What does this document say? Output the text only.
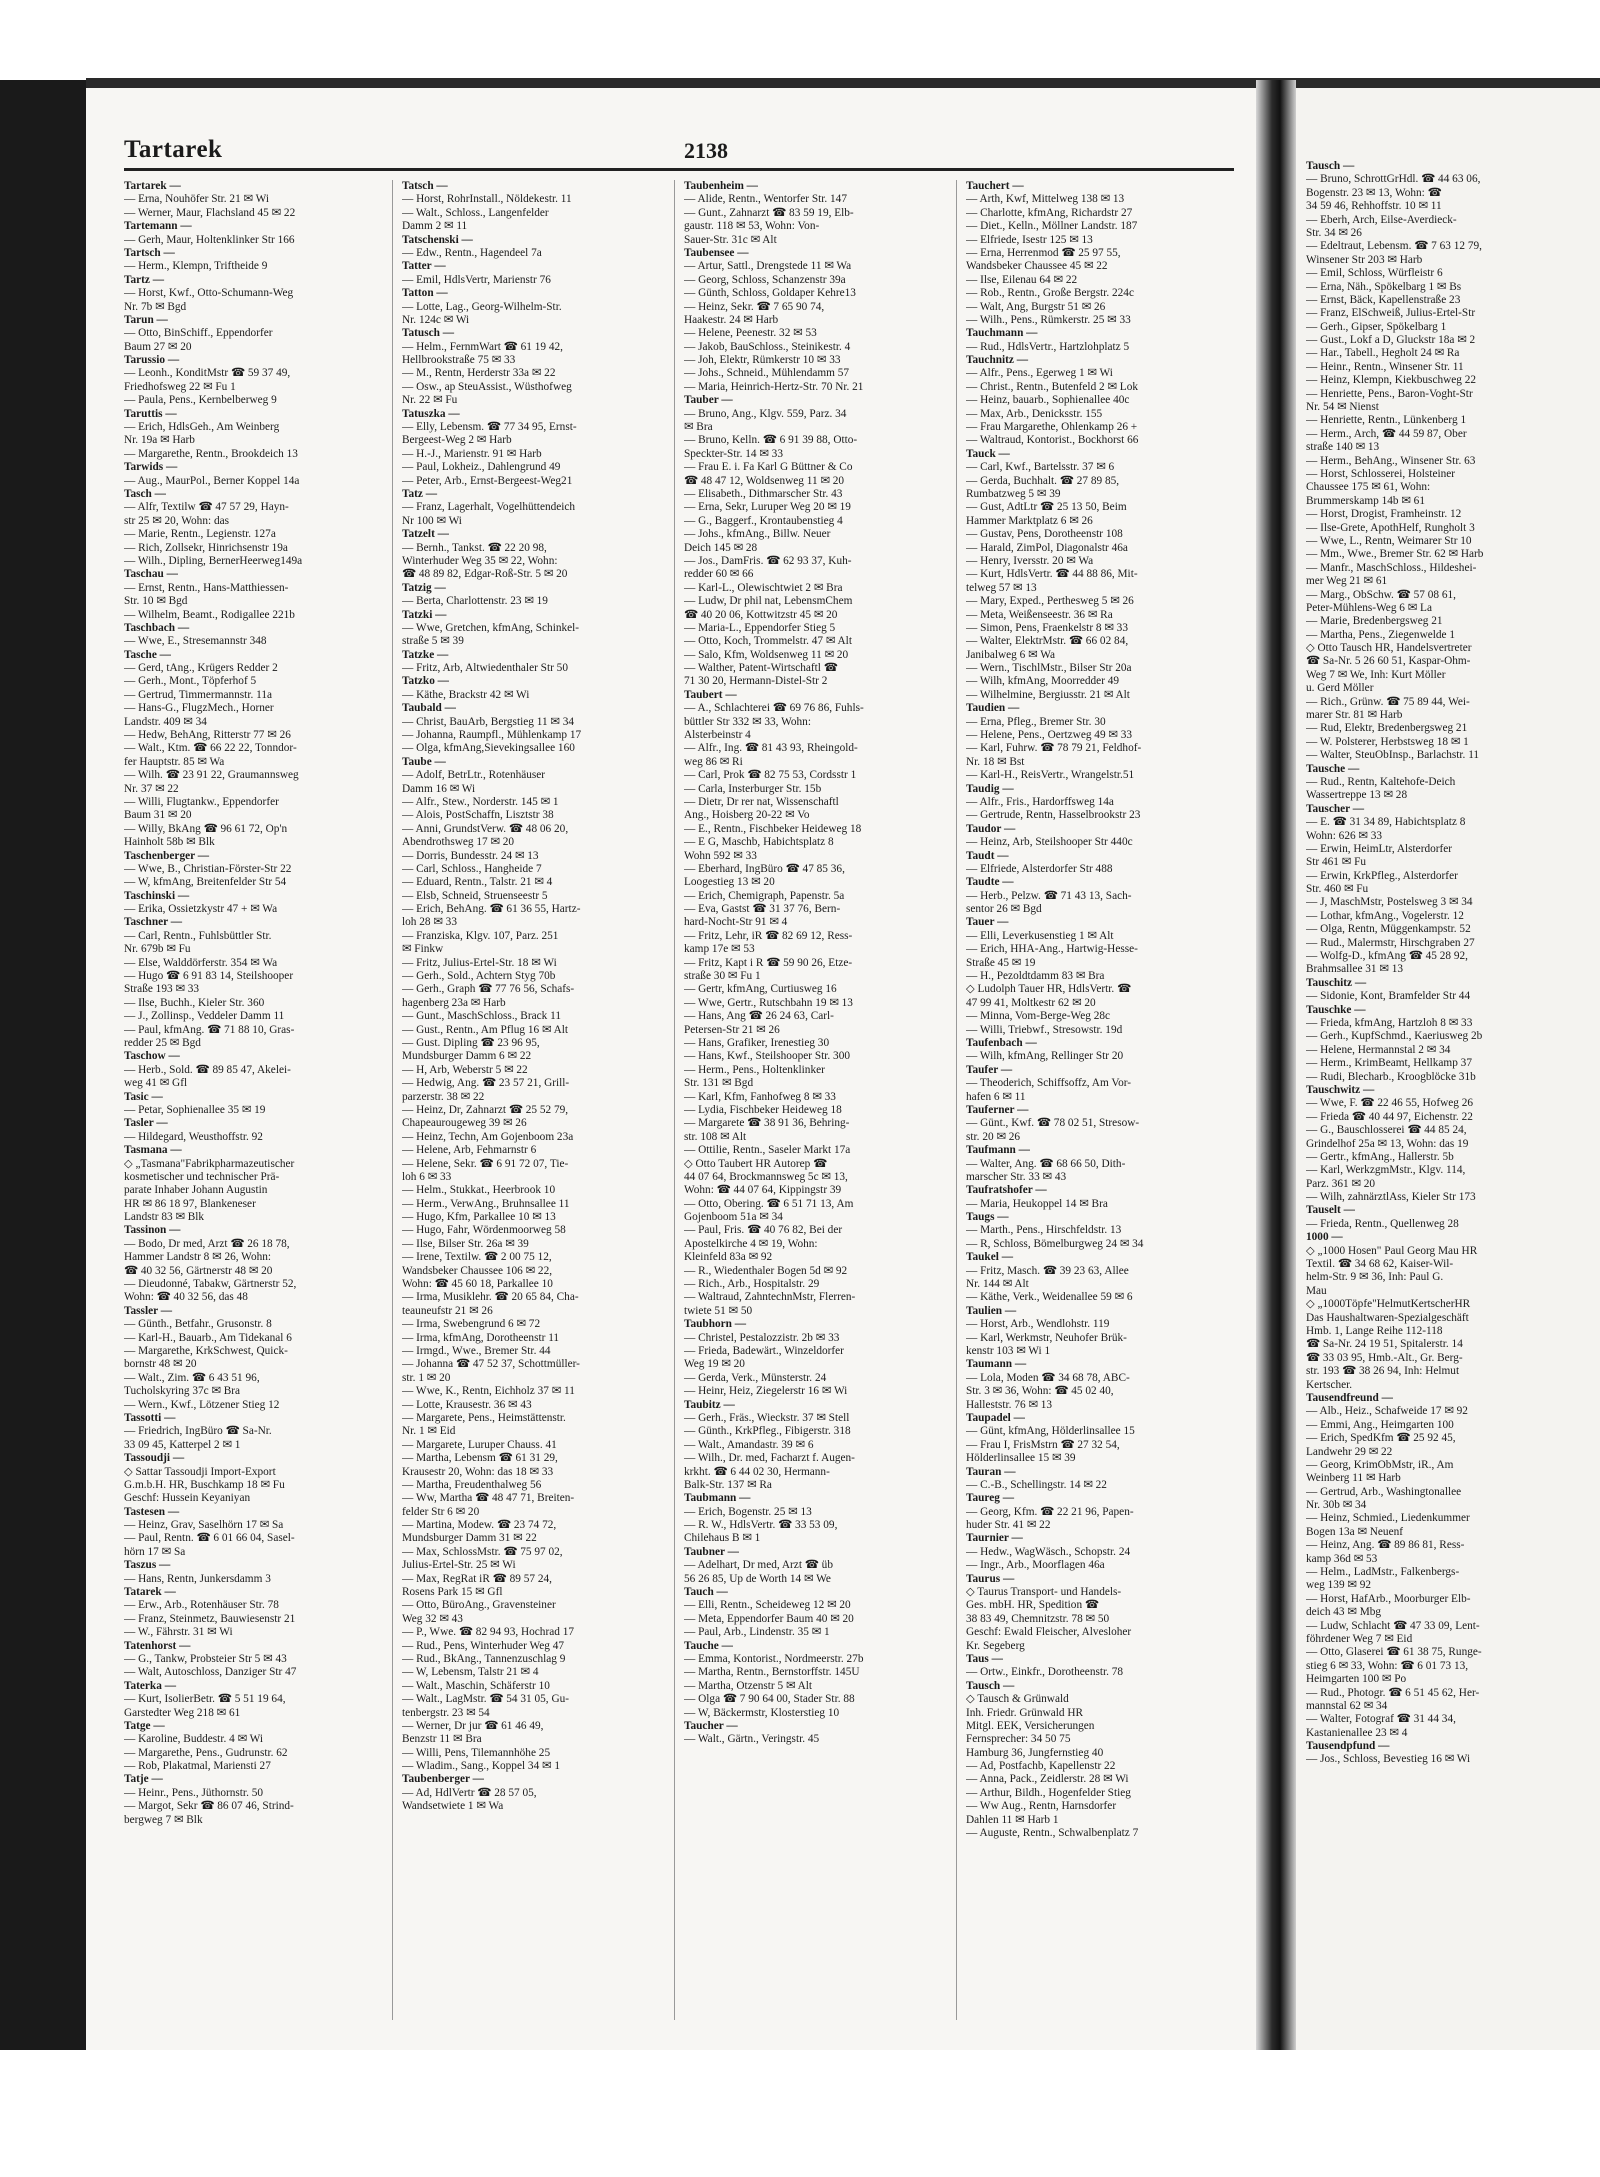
Tartarek	2138
Tartarek —
— Erna, Nouhöfer Str. 21 ✉ Wi
— Werner, Maur, Flachsland 45 ✉ 22
Tartemann —
— Gerh, Maur, Holtenklinker Str 166
Tartsch —
— Herm., Klempn, Triftheide 9
Tartz —
— Horst, Kwf., Otto-Schumann-Weg
Nr. 7b ✉ Bgd
Tarun —
— Otto, BinSchiff., Eppendorfer
Baum 27 ✉ 20
Tarussio —
— Leonh., KonditMstr ☎ 59 37 49,
Friedhofsweg 22 ✉ Fu 1
— Paula, Pens., Kernbelberweg 9
Taruttis —
— Erich, HdlsGeh., Am Weinberg
Nr. 19a ✉ Harb
— Margarethe, Rentn., Brookdeich 13
Tarwids —
— Aug., MaurPol., Berner Koppel 14a
Tasch —
— Alfr, Textilw ☎ 47 57 29, Hayn-
str 25 ✉ 20, Wohn: das
— Marie, Rentn., Legienstr. 127a
— Rich, Zollsekr, Hinrichsenstr 19a
— Wilh., Dipling, BernerHeerweg149a
Taschau —
— Ernst, Rentn., Hans-Matthiessen-
Str. 10 ✉ Bgd
— Wilhelm, Beamt., Rodigallee 221b
Taschbach —
— Wwe, E., Stresemannstr 348
Tasche —
— Gerd, tAng., Krügers Redder 2
— Gerh., Mont., Töpferhof 5
— Gertrud, Timmermannstr. 11a
— Hans-G., FlugzMech., Horner
Landstr. 409 ✉ 34
— Hedw, BehAng, Ritterstr 77 ✉ 26
— Walt., Ktm. ☎ 66 22 22, Tonndor-
fer Hauptstr. 85 ✉ Wa
— Wilh. ☎ 23 91 22, Graumannsweg
Nr. 37 ✉ 22
— Willi, Flugtankw., Eppendorfer
Baum 31 ✉ 20
— Willy, BkAng ☎ 96 61 72, Op'n
Hainholt 58b ✉ Blk
Taschenberger —
— Wwe, B., Christian-Förster-Str 22
— W, kfmAng, Breitenfelder Str 54
Taschinski —
— Erika, Ossietzkystr 47 + ✉ Wa
Taschner —
— Carl, Rentn., Fuhlsbüttler Str.
Nr. 679b ✉ Fu
— Else, Walddörferstr. 354 ✉ Wa
— Hugo ☎ 6 91 83 14, Steilshooper
Straße 193 ✉ 33
— Ilse, Buchh., Kieler Str. 360
— J., Zollinsp., Veddeler Damm 11
— Paul, kfmAng. ☎ 71 88 10, Gras-
redder 25 ✉ Bgd
Taschow —
— Herb., Sold. ☎ 89 85 47, Akelei-
weg 41 ✉ Gfl
Tasic —
— Petar, Sophienallee 35 ✉ 19
Tasler —
— Hildegard, Weusthoffstr. 92
Tasmana —
◇ „Tasmana"Fabrikpharmazeutischer
kosmetischer und technischer Prä-
parate Inhaber Johann Augustin
HR ✉ 86 18 97, Blankeneser
Landstr 83 ✉ Blk
Tassinon —
— Bodo, Dr med, Arzt ☎ 26 18 78,
Hammer Landstr 8 ✉ 26, Wohn:
☎ 40 32 56, Gärtnerstr 48 ✉ 20
— Dieudonné, Tabakw, Gärtnerstr 52,
Wohn: ☎ 40 32 56, das 48
Tassler —
— Günth., Betfahr., Grusonstr. 8
— Karl-H., Bauarb., Am Tidekanal 6
— Margarethe, KrkSchwest, Quick-
bornstr 48 ✉ 20
— Walt., Zim. ☎ 6 43 51 96,
Tucholskyring 37c ✉ Bra
— Wern., Kwf., Lötzener Stieg 12
Tassotti —
— Friedrich, IngBüro ☎ Sa-Nr.
33 09 45, Katterpel 2 ✉ 1
Tassoudji —
◇ Sattar Tassoudji Import-Export
G.m.b.H. HR, Buschkamp 18 ✉ Fu
Geschf: Hussein Keyaniyan
Tastesen —
— Heinz, Grav, Saselhörn 17 ✉ Sa
— Paul, Rentn. ☎ 6 01 66 04, Sasel-
hörn 17 ✉ Sa
Taszus —
— Hans, Rentn, Junkersdamm 3
Tatarek —
— Erw., Arb., Rotenhäuser Str. 78
— Franz, Steinmetz, Bauwiesenstr 21
— W., Fährstr. 31 ✉ Wi
Tatenhorst —
— G., Tankw, Probsteier Str 5 ✉ 43
— Walt, Autoschloss, Danziger Str 47
Taterka —
— Kurt, IsolierBetr. ☎ 5 51 19 64,
Garstedter Weg 218 ✉ 61
Tatge —
— Karoline, Buddestr. 4 ✉ Wi
— Margarethe, Pens., Gudrunstr. 62
— Rob, Plakatmal, Mariensti 27
Tatje —
— Heinr., Pens., Jüthornstr. 50
— Margot, Sekr ☎ 86 07 46, Strind-
bergweg 7 ✉ Blk
Tatsch —
— Horst, RohrInstall., Nöldekestr. 11
— Walt., Schloss., Langenfelder
Damm 2 ✉ 11
Tatschenski —
— Edw., Rentn., Hagendeel 7a
Tatter —
— Emil, HdlsVertr, Marienstr 76
Tatton —
— Lotte, Lag., Georg-Wilhelm-Str.
Nr. 124c ✉ Wi
Tatusch —
— Helm., FernmWart ☎ 61 19 42,
Hellbrookstraße 75 ✉ 33
— M., Rentn, Herderstr 33a ✉ 22
— Osw., ap SteuAssist., Wüsthofweg
Nr. 22 ✉ Fu
Tatuszka —
— Elly, Lebensm. ☎ 77 34 95, Ernst-
Bergeest-Weg 2 ✉ Harb
— H.-J., Marienstr. 91 ✉ Harb
— Paul, Lokheiz., Dahlengrund 49
— Peter, Arb., Ernst-Bergeest-Weg21
Tatz —
— Franz, Lagerhalt, Vogelhüttendeich
Nr 100 ✉ Wi
Tatzelt —
— Bernh., Tankst. ☎ 22 20 98,
Winterhuder Weg 35 ✉ 22, Wohn:
☎ 48 89 82, Edgar-Roß-Str. 5 ✉ 20
Tatzig —
— Berta, Charlottenstr. 23 ✉ 19
Tatzki —
— Wwe, Gretchen, kfmAng, Schinkel-
straße 5 ✉ 39
Tatzke —
— Fritz, Arb, Altwiedenthaler Str 50
Tatzko —
— Käthe, Brackstr 42 ✉ Wi
Taubald —
— Christ, BauArb, Bergstieg 11 ✉ 34
— Johanna, Raumpfl., Mühlenkamp 17
— Olga, kfmAng,Sievekingsallee 160
Taube —
— Adolf, BetrLtr., Rotenhäuser
Damm 16 ✉ Wi
— Alfr., Stew., Norderstr. 145 ✉ 1
— Alois, PostSchaffn, Lisztstr 38
— Anni, GrundstVerw. ☎ 48 06 20,
Abendrothsweg 17 ✉ 20
— Dorris, Bundesstr. 24 ✉ 13
— Carl, Schloss., Hangheide 7
— Eduard, Rentn., Talstr. 21 ✉ 4
— Elsb, Schneid, Struenseestr 5
— Erich, BehAng. ☎ 61 36 55, Hartz-
loh 28 ✉ 33
— Franziska, Klgv. 107, Parz. 251
✉ Finkw
— Fritz, Julius-Ertel-Str. 18 ✉ Wi
— Gerh., Sold., Achtern Styg 70b
— Gerh., Graph ☎ 77 76 56, Schafs-
hagenberg 23a ✉ Harb
— Gunt., MaschSchloss., Brack 11
— Gust., Rentn., Am Pflug 16 ✉ Alt
— Gust. Dipling ☎ 23 96 95,
Mundsburger Damm 6 ✉ 22
— H, Arb, Weberstr 5 ✉ 22
— Hedwig, Ang. ☎ 23 57 21, Grill-
parzerstr. 38 ✉ 22
— Heinz, Dr, Zahnarzt ☎ 25 52 79,
Chapeaurougeweg 39 ✉ 26
— Heinz, Techn, Am Gojenboom 23a
— Helene, Arb, Fehmarnstr 6
— Helene, Sekr. ☎ 6 91 72 07, Tie-
loh 6 ✉ 33
— Helm., Stukkat., Heerbrook 10
— Herm., VerwAng., Bruhnsallee 11
— Hugo, Kfm, Parkallee 10 ✉ 13
— Hugo, Fahr, Wördenmoorweg 58
— Ilse, Bilser Str. 26a ✉ 39
— Irene, Textilw. ☎ 2 00 75 12,
Wandsbeker Chaussee 106 ✉ 22,
Wohn: ☎ 45 60 18, Parkallee 10
— Irma, Musiklehr. ☎ 20 65 84, Cha-
teauneufstr 21 ✉ 26
— Irma, Swebengrund 6 ✉ 72
— Irma, kfmAng, Dorotheenstr 11
— Irmgd., Wwe., Bremer Str. 44
— Johanna ☎ 47 52 37, Schottmüller-
str. 1 ✉ 20
— Wwe, K., Rentn, Eichholz 37 ✉ 11
— Lotte, Krausestr. 36 ✉ 43
— Margarete, Pens., Heimstättenstr.
Nr. 1 ✉ Eid
— Margarete, Luruper Chauss. 41
— Martha, Lebensm ☎ 61 31 29,
Krausestr 20, Wohn: das 18 ✉ 33
— Martha, Freudenthalweg 56
— Ww, Martha ☎ 48 47 71, Breiten-
felder Str 6 ✉ 20
— Martina, Modew. ☎ 23 74 72,
Mundsburger Damm 31 ✉ 22
— Max, SchlossMstr. ☎ 75 97 02,
Julius-Ertel-Str. 25 ✉ Wi
— Max, RegRat iR ☎ 89 57 24,
Rosens Park 15 ✉ Gfl
— Otto, BüroAng., Gravensteiner
Weg 32 ✉ 43
— P., Wwe. ☎ 82 94 93, Hochrad 17
— Rud., Pens, Winterhuder Weg 47
— Rud., BkAng., Tannenzuschlag 9
— W, Lebensm, Talstr 21 ✉ 4
— Walt., Maschin, Schäferstr 10
— Walt., LagMstr. ☎ 54 31 05, Gu-
tenbergstr. 23 ✉ 54
— Werner, Dr jur ☎ 61 46 49,
Benzstr 11 ✉ Bra
— Willi, Pens, Tilemannhöhe 25
— Wladim., Sang., Koppel 34 ✉ 1
Taubenberger —
— Ad, HdlVertr ☎ 28 57 05,
Wandsetwiete 1 ✉ Wa
Taubenheim —
— Alide, Rentn., Wentorfer Str. 147
— Gunt., Zahnarzt ☎ 83 59 19, Elb-
gaustr. 118 ✉ 53, Wohn: Von-
Sauer-Str. 31c ✉ Alt
Taubensee —
— Artur, Sattl., Drengstede 11 ✉ Wa
— Georg, Schloss, Schanzenstr 39a
— Günth, Schloss, Goldaper Kehre13
— Heinz, Sekr. ☎ 7 65 90 74,
Haakestr. 24 ✉ Harb
— Helene, Peenestr. 32 ✉ 53
— Jakob, BauSchloss., Steinikestr. 4
— Joh, Elektr, Rümkerstr 10 ✉ 33
— Johs., Schneid., Mühlendamm 57
— Maria, Heinrich-Hertz-Str. 70 Nr. 21
Tauber —
— Bruno, Ang., Klgv. 559, Parz. 34
✉ Bra
— Bruno, Kelln. ☎ 6 91 39 88, Otto-
Speckter-Str. 14 ✉ 33
— Frau E. i. Fa Karl G Büttner & Co
☎ 48 47 12, Woldsenweg 11 ✉ 20
— Elisabeth., Dithmarscher Str. 43
— Erna, Sekr, Luruper Weg 20 ✉ 19
— G., Baggerf., Krontaubenstieg 4
— Johs., kfmAng., Billw. Neuer
Deich 145 ✉ 28
— Jos., DamFris. ☎ 62 93 37, Kuh-
redder 60 ✉ 66
— Karl-L., Olewischtwiet 2 ✉ Bra
— Ludw, Dr phil nat, LebensmChem
☎ 40 20 06, Kottwitzstr 45 ✉ 20
— Maria-L., Eppendorfer Stieg 5
— Otto, Koch, Trommelstr. 47 ✉ Alt
— Salo, Kfm, Woldsenweg 11 ✉ 20
— Walther, Patent-Wirtschaftl ☎
71 30 20, Hermann-Distel-Str 2
Taubert —
— A., Schlachterei ☎ 69 76 86, Fuhls-
büttler Str 332 ✉ 33, Wohn:
Alsterbeinstr 4
— Alfr., Ing. ☎ 81 43 93, Rheingold-
weg 86 ✉ Ri
— Carl, Prok ☎ 82 75 53, Cordsstr 1
— Carla, Insterburger Str. 15b
— Dietr, Dr rer nat, Wissenschaftl
Ang., Hoisberg 20-22 ✉ Vo
— E., Rentn., Fischbeker Heideweg 18
— E G, Maschb, Habichtsplatz 8
Wohn 592 ✉ 33
— Eberhard, IngBüro ☎ 47 85 36,
Loogestieg 13 ✉ 20
— Erich, Chemigraph, Papenstr. 5a
— Eva, Gastst ☎ 31 37 76, Bern-
hard-Nocht-Str 91 ✉ 4
— Fritz, Lehr, iR ☎ 82 69 12, Ress-
kamp 17e ✉ 53
— Fritz, Kapt i R ☎ 59 90 26, Etze-
straße 30 ✉ Fu 1
— Gertr, kfmAng, Curtiusweg 16
— Wwe, Gertr., Rutschbahn 19 ✉ 13
— Hans, Ang ☎ 26 24 63, Carl-
Petersen-Str 21 ✉ 26
— Hans, Grafiker, Irenestieg 30
— Hans, Kwf., Steilshooper Str. 300
— Herm., Pens., Holtenklinker
Str. 131 ✉ Bgd
— Karl, Kfm, Fanhofweg 8 ✉ 33
— Lydia, Fischbeker Heideweg 18
— Margarete ☎ 38 91 36, Behring-
str. 108 ✉ Alt
— Ottilie, Rentn., Saseler Markt 17a
◇ Otto Taubert HR Autorep ☎
44 07 64, Brockmannsweg 5c ✉ 13,
Wohn: ☎ 44 07 64, Kippingstr 39
— Otto, Obering. ☎ 6 51 71 13, Am
Gojenboom 51a ✉ 34
— Paul, Fris. ☎ 40 76 82, Bei der
Apostelkirche 4 ✉ 19, Wohn:
Kleinfeld 83a ✉ 92
— R., Wiedenthaler Bogen 5d ✉ 92
— Rich., Arb., Hospitalstr. 29
— Waltraud, ZahntechnMstr, Flerren-
twiete 51 ✉ 50
Taubhorn —
— Christel, Pestalozzistr. 2b ✉ 33
— Frieda, Badewärt., Winzeldorfer
Weg 19 ✉ 20
— Gerda, Verk., Münsterstr. 24
— Heinr, Heiz, Ziegelerstr 16 ✉ Wi
Taubitz —
— Gerh., Fräs., Wieckstr. 37 ✉ Stell
— Günth., KrkPfleg., Fibigerstr. 318
— Walt., Amandastr. 39 ✉ 6
— Wilh., Dr. med, Facharzt f. Augen-
krkht. ☎ 6 44 02 30, Hermann-
Balk-Str. 137 ✉ Ra
Taubmann —
— Erich, Bogenstr. 25 ✉ 13
— R. W., HdlsVertr. ☎ 33 53 09,
Chilehaus B ✉ 1
Taubner —
— Adelhart, Dr med, Arzt ☎ üb
56 26 85, Up de Worth 14 ✉ We
Tauch —
— Elli, Rentn., Scheideweg 12 ✉ 20
— Meta, Eppendorfer Baum 40 ✉ 20
— Paul, Arb., Lindenstr. 35 ✉ 1
Tauche —
— Emma, Kontorist., Nordmeerstr. 27b
— Martha, Rentn., Bernstorffstr. 145U
— Martha, Otzenstr 5 ✉ Alt
— Olga ☎ 7 90 64 00, Stader Str. 88
— W, Bäckermstr, Klosterstieg 10
Taucher —
— Walt., Gärtn., Veringstr. 45
Tauchert —
— Arth, Kwf, Mittelweg 138 ✉ 13
— Charlotte, kfmAng, Richardstr 27
— Diet., Kelln., Möllner Landstr. 187
— Elfriede, Isestr 125 ✉ 13
— Erna, Herrenmod ☎ 25 97 55,
Wandsbeker Chaussee 45 ✉ 22
— Ilse, Eilenau 64 ✉ 22
— Rob., Rentn., Große Bergstr. 224c
— Walt, Ang, Burgstr 51 ✉ 26
— Wilh., Pens., Rümkerstr. 25 ✉ 33
Tauchmann —
— Rud., HdlsVertr., Hartzlohplatz 5
Tauchnitz —
— Alfr., Pens., Egerweg 1 ✉ Wi
— Christ., Rentn., Butenfeld 2 ✉ Lok
— Heinz, bauarb., Sophienallee 40c
— Max, Arb., Denicksstr. 155
— Frau Margarethe, Ohlenkamp 26 +
— Waltraud, Kontorist., Bockhorst 66
Tauck —
— Carl, Kwf., Bartelsstr. 37 ✉ 6
— Gerda, Buchhalt. ☎ 27 89 85,
Rumbatzweg 5 ✉ 39
— Gust, AdtLtr ☎ 25 13 50, Beim
Hammer Marktplatz 6 ✉ 26
— Gustav, Pens, Dorotheenstr 108
— Harald, ZimPol, Diagonalstr 46a
— Henry, Iversstr. 20 ✉ Wa
— Kurt, HdlsVertr. ☎ 44 88 86, Mit-
telweg 57 ✉ 13
— Mary, Exped., Perthesweg 5 ✉ 26
— Meta, Weißenseestr. 36 ✉ Ra
— Simon, Pens, Fraenkelstr 8 ✉ 33
— Walter, ElektrMstr. ☎ 66 02 84,
Janibalweg 6 ✉ Wa
— Wern., TischlMstr., Bilser Str 20a
— Wilh, kfmAng, Moorredder 49
— Wilhelmine, Bergiusstr. 21 ✉ Alt
Taudien —
— Erna, Pfleg., Bremer Str. 30
— Helene, Pens., Oertzweg 49 ✉ 33
— Karl, Fuhrw. ☎ 78 79 21, Feldhof-
Nr. 18 ✉ Bst
— Karl-H., ReisVertr., Wrangelstr.51
Taudig —
— Alfr., Fris., Hardorffsweg 14a
— Gertrude, Rentn, Hasselbrookstr 23
Taudor —
— Heinz, Arb, Steilshooper Str 440c
Taudt —
— Elfriede, Alsterdorfer Str 488
Taudte —
— Herb., Pelzw. ☎ 71 43 13, Sach-
sentor 26 ✉ Bgd
Tauer —
— Elli, Leverkusenstieg 1 ✉ Alt
— Erich, HHA-Ang., Hartwig-Hesse-
Straße 45 ✉ 19
— H., Pezoldtdamm 83 ✉ Bra
◇ Ludolph Tauer HR, HdlsVertr. ☎
47 99 41, Moltkestr 62 ✉ 20
— Minna, Vom-Berge-Weg 28c
— Willi, Triebwf., Stresowstr. 19d
Taufenbach —
— Wilh, kfmAng, Rellinger Str 20
Taufer —
— Theoderich, Schiffsoffz, Am Vor-
hafen 6 ✉ 11
Tauferner —
— Günt., Kwf. ☎ 78 02 51, Stresow-
str. 20 ✉ 26
Taufmann —
— Walter, Ang. ☎ 68 66 50, Dith-
marscher Str. 33 ✉ 43
Taufratshofer —
— Maria, Heukoppel 14 ✉ Bra
Taugs —
— Marth., Pens., Hirschfeldstr. 13
— R, Schloss, Bömelburgweg 24 ✉ 34
Taukel —
— Fritz, Masch. ☎ 39 23 63, Allee
Nr. 144 ✉ Alt
— Käthe, Verk., Weidenallee 59 ✉ 6
Taulien —
— Horst, Arb., Wendlohstr. 119
— Karl, Werkmstr, Neuhofer Brük-
kenstr 103 ✉ Wi 1
Taumann —
— Lola, Moden ☎ 34 68 78, ABC-
Str. 3 ✉ 36, Wohn: ☎ 45 02 40,
Halleststr. 76 ✉ 13
Taupadel —
— Günt, kfmAng, Hölderlinsallee 15
— Frau I, FrisMstrn ☎ 27 32 54,
Hölderlinsallee 15 ✉ 39
Tauran —
— C.-B., Schellingstr. 14 ✉ 22
Taureg —
— Georg, Kfm. ☎ 22 21 96, Papen-
huder Str. 41 ✉ 22
Taurnier —
— Hedw., WagWäsch., Schopstr. 24
— Ingr., Arb., Moorflagen 46a
Taurus —
◇ Taurus Transport- und Handels-
Ges. mbH. HR, Spedition ☎
38 83 49, Chemnitzstr. 78 ✉ 50
Geschf: Ewald Fleischer, Alvesloher
Kr. Segeberg
Taus —
— Ortw., Einkfr., Dorotheenstr. 78
Tausch —
◇ Tausch & Grünwald
Inh. Friedr. Grünwald HR
Mitgl. EEK, Versicherungen
Fernsprecher: 34 50 75
Hamburg 36, Jungfernstieg 40
— Ad, Postfachb, Kapellenstr 22
— Anna, Pack., Zeidlerstr. 28 ✉ Wi
— Arthur, Bildh., Hogenfelder Stieg
— Ww Aug., Rentn, Harnsdorfer
Dahlen 11 ✉ Harb 1
— Auguste, Rentn., Schwalbenplatz 7
Tausch —
— Bruno, SchrottGrHdl. ☎ 44 63 06,
Bogenstr. 23 ✉ 13, Wohn: ☎
34 59 46, Rehhoffstr. 10 ✉ 11
— Eberh, Arch, Eilse-Averdieck-
Str. 34 ✉ 26
— Edeltraut, Lebensm. ☎ 7 63 12 79,
Winsener Str 203 ✉ Harb
— Emil, Schloss, Würfleistr 6
— Erna, Näh., Spökelbarg 1 ✉ Bs
— Ernst, Bäck, Kapellenstraße 23
— Franz, ElSchweiß, Julius-Ertel-Str
— Gerh., Gipser, Spökelbarg 1
— Gust., Lokf a D, Gluckstr 18a ✉ 2
— Har., Tabell., Hegholt 24 ✉ Ra
— Heinr., Rentn., Winsener Str. 11
— Heinz, Klempn, Kiekbuschweg 22
— Henriette, Pens., Baron-Voght-Str
Nr. 54 ✉ Nienst
— Henriette, Rentn., Lünkenberg 1
— Herm., Arch, ☎ 44 59 87, Ober
straße 140 ✉ 13
— Herm., BehAng., Winsener Str. 63
— Horst, Schlosserei, Holsteiner
Chaussee 175 ✉ 61, Wohn:
Brummerskamp 14b ✉ 61
— Horst, Drogist, Framheinstr. 12
— Ilse-Grete, ApothHelf, Rungholt 3
— Wwe, L., Rentn, Weimarer Str 10
— Mm., Wwe., Bremer Str. 62 ✉ Harb
— Manfr., MaschSchloss., Hildeshei-
mer Weg 21 ✉ 61
— Marg., ObSchw. ☎ 57 08 61,
Peter-Mühlens-Weg 6 ✉ La
— Marie, Bredenbergsweg 21
— Martha, Pens., Ziegenwelde 1
◇ Otto Tausch HR, Handelsvertreter
☎ Sa-Nr. 5 26 60 51, Kaspar-Ohm-
Weg 7 ✉ We, Inh: Kurt Möller
u. Gerd Möller
— Rich., Grünw. ☎ 75 89 44, Wei-
marer Str. 81 ✉ Harb
— Rud, Elektr, Bredenbergsweg 21
— W. Polsterer, Herbstsweg 18 ✉ 1
— Walter, SteuObInsp., Barlachstr. 11
Tausche —
— Rud., Rentn, Kaltehofe-Deich
Wassertreppe 13 ✉ 28
Tauscher —
— E. ☎ 31 34 89, Habichtsplatz 8
Wohn: 626 ✉ 33
— Erwin, HeimLtr, Alsterdorfer
Str 461 ✉ Fu
— Erwin, KrkPfleg., Alsterdorfer
Str. 460 ✉ Fu
— J, MaschMstr, Postelsweg 3 ✉ 34
— Lothar, kfmAng., Vogelerstr. 12
— Olga, Rentn, Müggenkampstr. 52
— Rud., Malermstr, Hirschgraben 27
— Wolfg-D., kfmAng ☎ 45 28 92,
Brahmsallee 31 ✉ 13
Tauschitz —
— Sidonie, Kont, Bramfelder Str 44
Tauschke —
— Frieda, kfmAng, Hartzloh 8 ✉ 33
— Gerh., KupfSchmd., Kaeriusweg 2b
— Helene, Hermannstal 2 ✉ 34
— Herm., KrimBeamt, Hellkamp 37
— Rudi, Blecharb., Kroogblöcke 31b
Tauschwitz —
— Wwe, F. ☎ 22 46 55, Hofweg 26
— Frieda ☎ 40 44 97, Eichenstr. 22
— G., Bauschlosserei ☎ 44 85 24,
Grindelhof 25a ✉ 13, Wohn: das 19
— Gertr., kfmAng., Hallerstr. 5b
— Karl, WerkzgmMstr., Klgv. 114,
Parz. 361 ✉ 20
— Wilh, zahnärztlAss, Kieler Str 173
Tauselt —
— Frieda, Rentn., Quellenweg 28
1000 —
◇ „1000 Hosen" Paul Georg Mau HR
Textil. ☎ 34 68 62, Kaiser-Wil-
helm-Str. 9 ✉ 36, Inh: Paul G.
Mau
◇ „1000Töpfe"HelmutKertscherHR
Das Haushaltwaren-Spezialgeschäft
Hmb. 1, Lange Reihe 112-118
☎ Sa-Nr. 24 19 51, Spitalerstr. 14
☎ 33 03 95, Hmb.-Alt., Gr. Berg-
str. 193 ☎ 38 26 94, Inh: Helmut
Kertscher.
Tausendfreund —
— Alb., Heiz., Schafweide 17 ✉ 92
— Emmi, Ang., Heimgarten 100
— Erich, SpedKfm ☎ 25 92 45,
Landwehr 29 ✉ 22
— Georg, KrimObMstr, iR., Am
Weinberg 11 ✉ Harb
— Gertrud, Arb., Washingtonallee
Nr. 30b ✉ 34
— Heinz, Schmied., Liedenkummer
Bogen 13a ✉ Neuenf
— Heinz, Ang. ☎ 89 86 81, Ress-
kamp 36d ✉ 53
— Helm., LadMstr., Falkenbergs-
weg 139 ✉ 92
— Horst, HafArb., Moorburger Elb-
deich 43 ✉ Mbg
— Ludw, Schlacht ☎ 47 33 09, Lent-
föhrdener Weg 7 ✉ Eid
— Otto, Glaserei ☎ 61 38 75, Runge-
stieg 6 ✉ 33, Wohn: ☎ 6 01 73 13,
Heimgarten 100 ✉ Po
— Rud., Photogr. ☎ 6 51 45 62, Her-
mannstal 62 ✉ 34
— Walter, Fotograf ☎ 31 44 34,
Kastanienallee 23 ✉ 4
Tausendpfund —
— Jos., Schloss, Bevestieg 16 ✉ Wi
